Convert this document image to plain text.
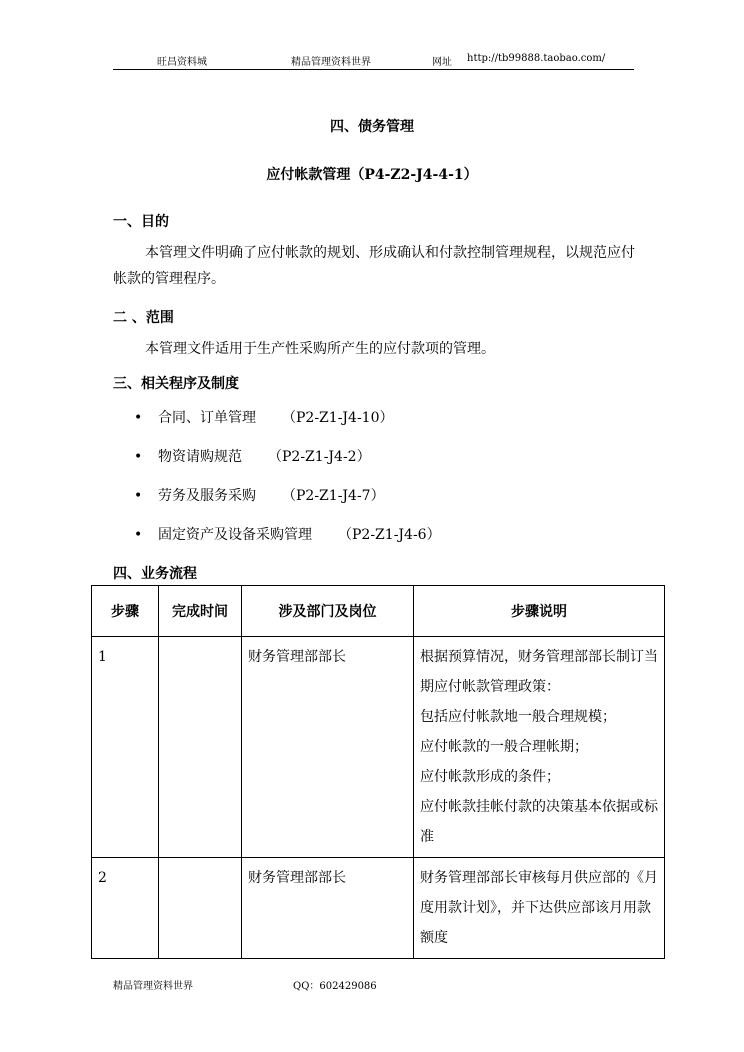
旺昌资料城	精品管理资料世界	网址 http://tb99888.taobao.com/
四、债务管理
应付帐款管理（P4-Z2-J4-4-1）
一、目的
本管理文件明确了应付帐款的规划、形成确认和付款控制管理规程，以规范应付帐款的管理程序。
二 、范围
本管理文件适用于生产性采购所产生的应付款项的管理。
三、相关程序及制度
• 合同、订单管理 （P2-Z1-J4-10）
• 物资请购规范 （P2-Z1-J4-2）
• 劳务及服务采购 （P2-Z1-J4-7）
• 固定资产及设备采购管理 （P2-Z1-J4-6）
四、业务流程
步骤	完成时间	涉及部门及岗位	步骤说明
1		财务管理部部长	根据预算情况，财务管理部部长制订当期应付帐款管理政策：

包括应付帐款地一般合理规模；

应付帐款的一般合理帐期；

应付帐款形成的条件；

应付帐款挂帐付款的决策基本依据或标准

2		财务管理部部长	财务管理部部长审核每月供应部的《月度用款计划》，并下达供应部该月用款额度

精品管理资料世界	QQ：602429086
